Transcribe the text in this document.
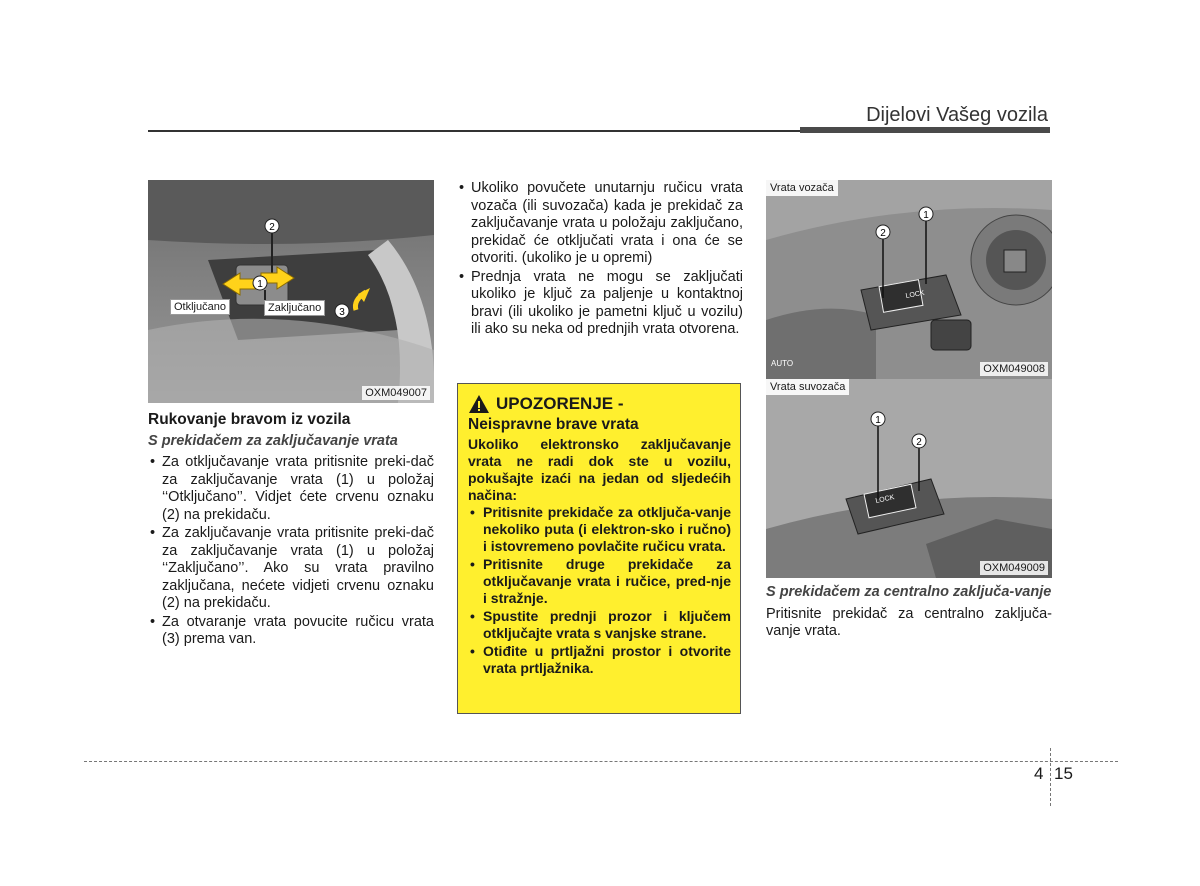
Dijelovi Vašeg vozila
2
1
3
Otključano	Zaključano
OXM049007
Rukovanje bravom iz vozila
S prekidačem za zaključavanje vrata
• Za otključavanje vrata pritisnite preki-dač za zaključavanje vrata (1) u položaj ‘‘Otključano’’. Vidjet ćete crvenu oznaku (2) na prekidaču.
• Za zaključavanje vrata pritisnite preki-dač za zaključavanje vrata (1) u položaj ‘‘Zaključano’’. Ako su vrata pravilno zaključana, nećete vidjeti crvenu oznaku (2) na prekidaču.
• Za otvaranje vrata povucite ručicu vrata (3) prema van.
• Ukoliko povučete unutarnju ručicu vrata vozača (ili suvozača) kada je prekidač za zaključavanje vrata u položaju zaključano, prekidač će otključati vrata i ona će se otvoriti. (ukoliko je u opremi)
• Prednja vrata ne mogu se zaključati ukoliko je ključ za paljenje u kontaktnoj bravi (ili ukoliko je pametni ključ u vozilu) ili ako su neka od prednjih vrata otvorena.
UPOZORENJE -
Neispravne brave vrata

Ukoliko elektronsko zaključavanje vrata ne radi dok ste u vozilu, pokušajte izaći na jedan od sljedećih načina:

• Pritisnite prekidače za otključa-vanje nekoliko puta (i elektron-sko i ručno) i istovremeno povlačite ručicu vrata.
• Pritisnite druge prekidače za otključavanje vrata i ručice, pred-nje i stražnje.
• Spustite prednji prozor i ključem otključajte vrata s vanjske strane.
• Otiđite u prtljažni prostor i otvorite vrata prtljažnika.
LOCK
AUTO
2
1
Vrata vozača
OXM049008
LOCK
1
2
Vrata suvozača
OXM049009
S prekidačem za centralno zaključa-vanje

Pritisnite prekidač za centralno zaključa-vanje vrata.

4 15
